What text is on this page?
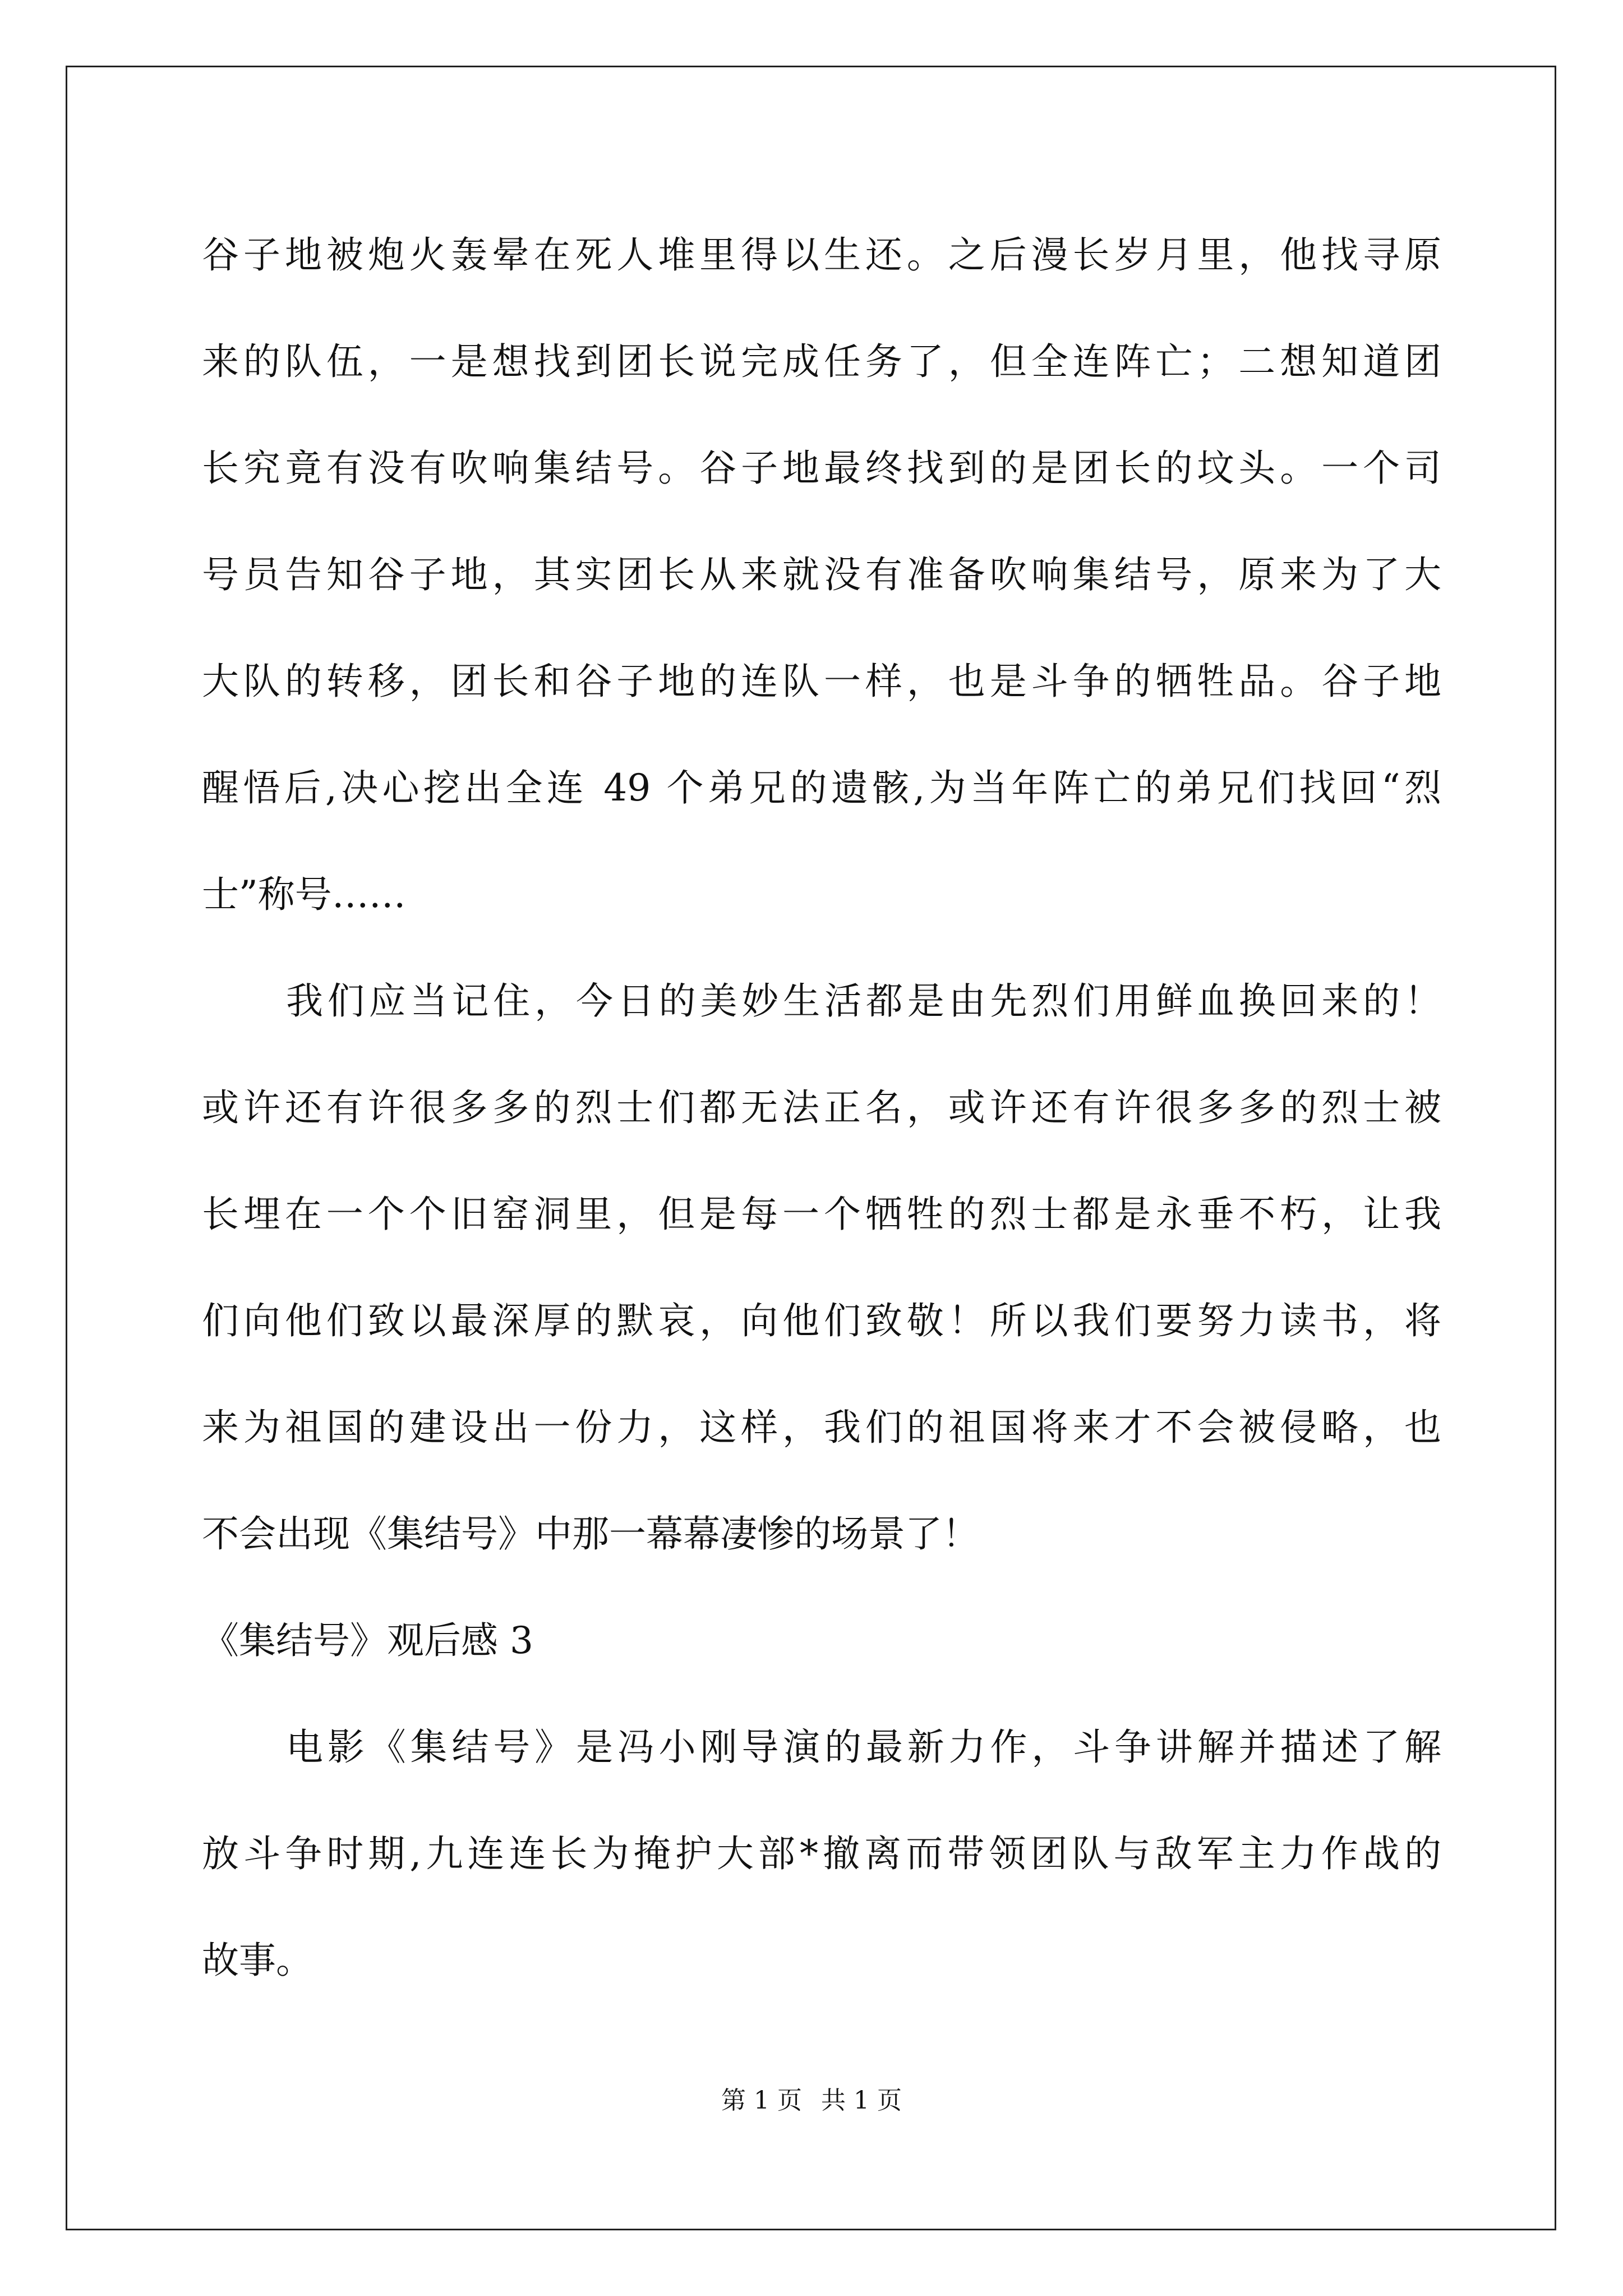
谷子地被炮火轰晕在死人堆里得以生还。之后漫长岁月里，他找寻原
来的队伍，一是想找到团长说完成任务了，但全连阵亡；二想知道团
长究竟有没有吹响集结号。谷子地最终找到的是团长的坟头。一个司
号员告知谷子地，其实团长从来就没有准备吹响集结号，原来为了大
大队的转移，团长和谷子地的连队一样，也是斗争的牺牲品。谷子地
醒悟后,决心挖出全连 49 个弟兄的遗骸,为当年阵亡的弟兄们找回“烈
士”称号……
我们应当记住，今日的美妙生活都是由先烈们用鲜血换回来的！
或许还有许很多多的烈士们都无法正名，或许还有许很多多的烈士被
长埋在一个个旧窑洞里，但是每一个牺牲的烈士都是永垂不朽，让我
们向他们致以最深厚的默哀，向他们致敬！所以我们要努力读书，将
来为祖国的建设出一份力，这样，我们的祖国将来才不会被侵略，也
不会出现《集结号》中那一幕幕凄惨的场景了！
《集结号》观后感 3
电影《集结号》是冯小刚导演的最新力作，斗争讲解并描述了解
放斗争时期,九连连长为掩护大部*撤离而带领团队与敌军主力作战的
故事。
第 1 页 共 1 页
